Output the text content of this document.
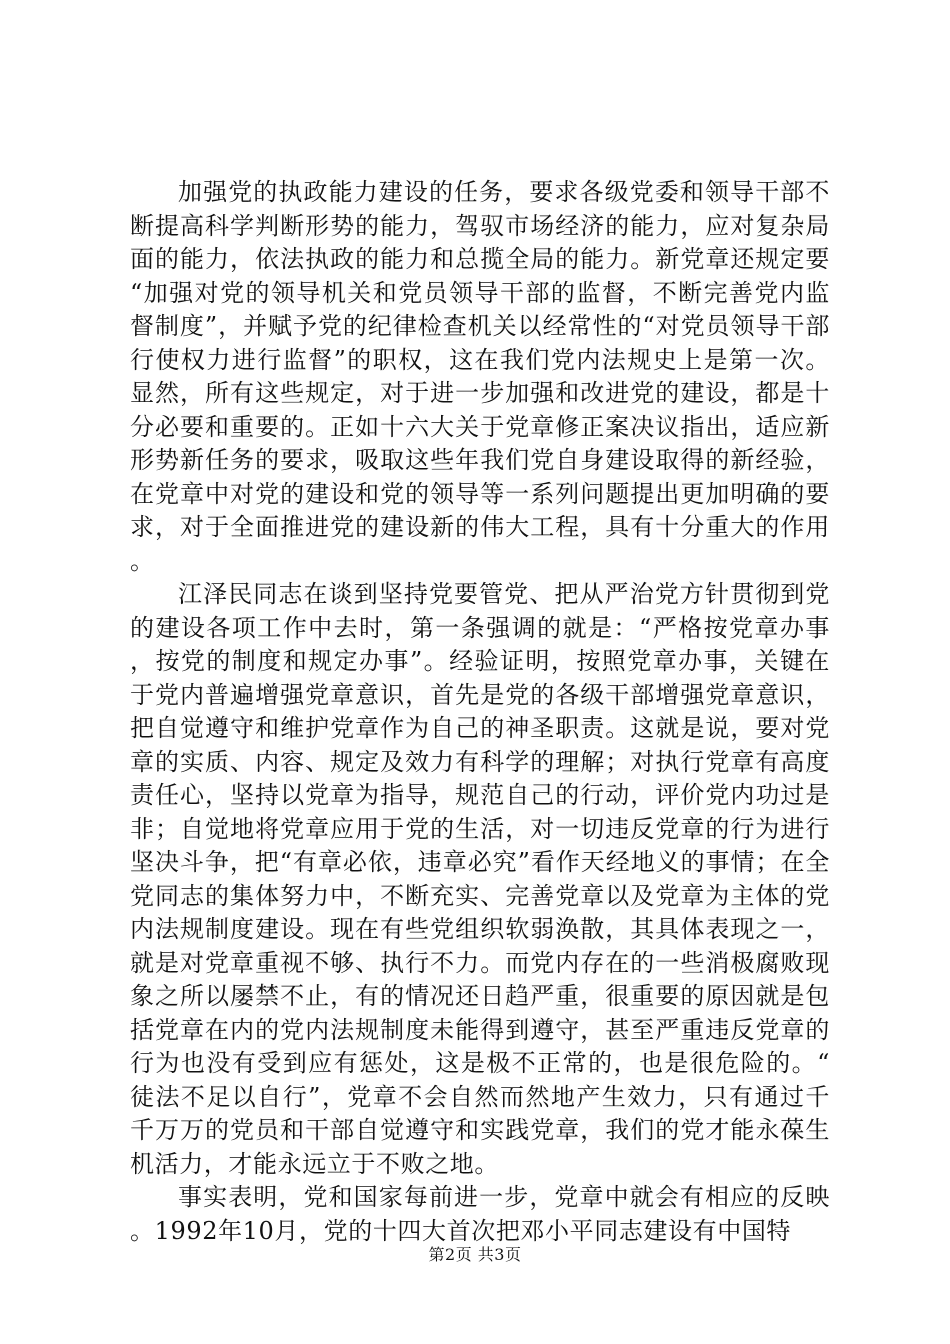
加强党的执政能力建设的任务，要求各级党委和领导干部不断提高科学判断形势的能力，驾驭市场经济的能力，应对复杂局面的能力，依法执政的能力和总揽全局的能力。新党章还规定要“加强对党的领导机关和党员领导干部的监督，不断完善党内监督制度”，并赋予党的纪律检查机关以经常性的“对党员领导干部行使权力进行监督”的职权，这在我们党内法规史上是第一次。显然，所有这些规定，对于进一步加强和改进党的建设，都是十分必要和重要的。正如十六大关于党章修正案决议指出，适应新形势新任务的要求，吸取这些年我们党自身建设取得的新经验，在党章中对党的建设和党的领导等一系列问题提出更加明确的要求，对于全面推进党的建设新的伟大工程，具有十分重大的作用。

江泽民同志在谈到坚持党要管党、把从严治党方针贯彻到党的建设各项工作中去时，第一条强调的就是：“严格按党章办事，按党的制度和规定办事”。经验证明，按照党章办事，关键在于党内普遍增强党章意识，首先是党的各级干部增强党章意识，把自觉遵守和维护党章作为自己的神圣职责。这就是说，要对党章的实质、内容、规定及效力有科学的理解；对执行党章有高度责任心，坚持以党章为指导，规范自己的行动，评价党内功过是非；自觉地将党章应用于党的生活，对一切违反党章的行为进行坚决斗争，把“有章必依，违章必究”看作天经地义的事情；在全党同志的集体努力中，不断充实、完善党章以及党章为主体的党内法规制度建设。现在有些党组织软弱涣散，其具体表现之一，就是对党章重视不够、执行不力。而党内存在的一些消极腐败现象之所以屡禁不止，有的情况还日趋严重，很重要的原因就是包括党章在内的党内法规制度未能得到遵守，甚至严重违反党章的行为也没有受到应有惩处，这是极不正常的，也是很危险的。“徒法不足以自行”，党章不会自然而然地产生效力，只有通过千千万万的党员和干部自觉遵守和实践党章，我们的党才能永葆生机活力，才能永远立于不败之地。

事实表明，党和国家每前进一步，党章中就会有相应的反映。1992年10月，党的十四大首次把邓小平同志建设有中国特

第2页 共3页
